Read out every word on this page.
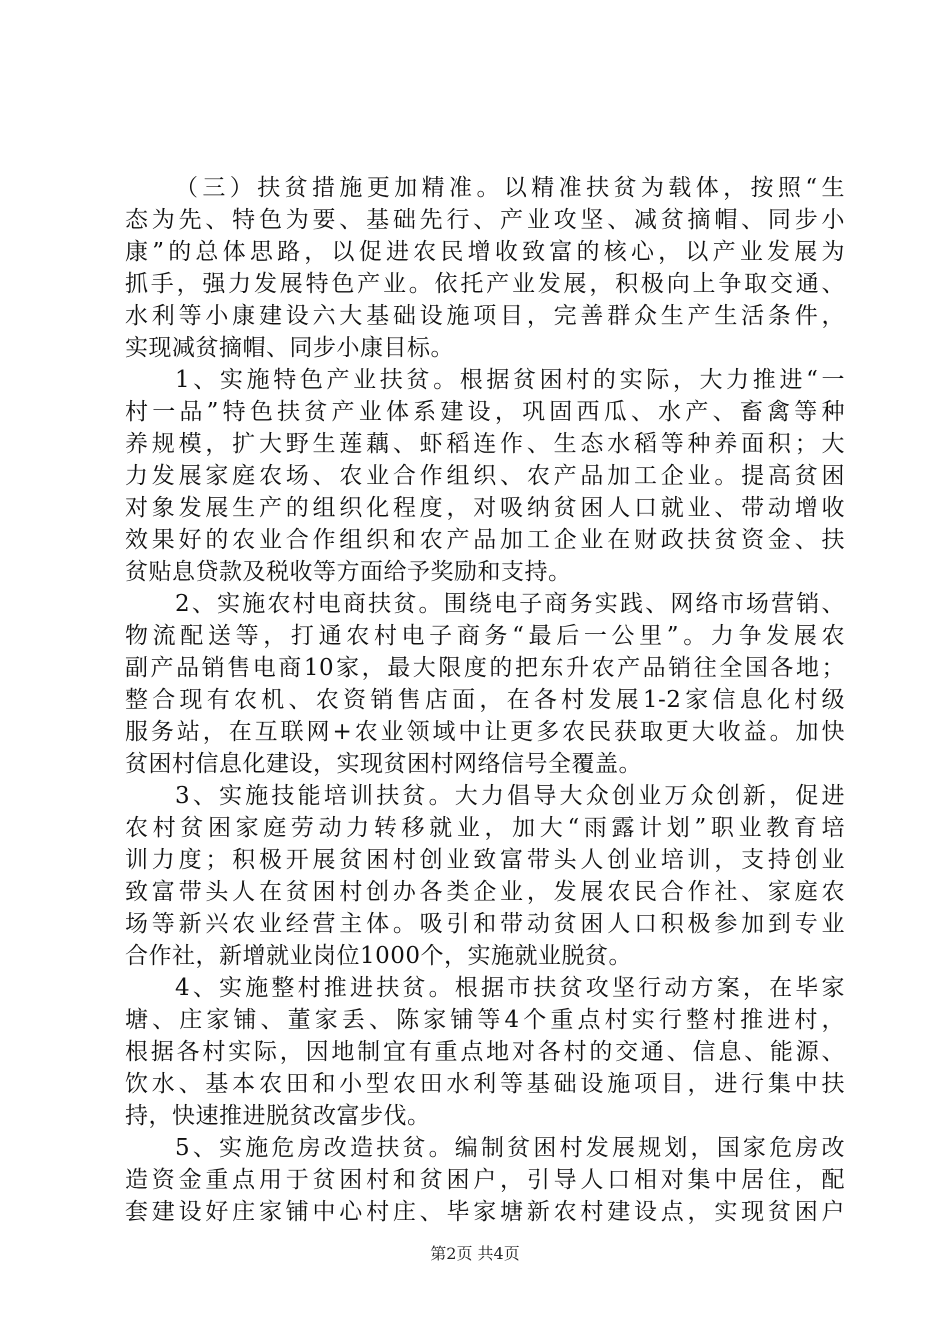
（三）扶贫措施更加精准。以精准扶贫为载体，按照“生
态为先、特色为要、基础先行、产业攻坚、减贫摘帽、同步小
康”的总体思路，以促进农民增收致富的核心，以产业发展为
抓手，强力发展特色产业。依托产业发展，积极向上争取交通、
水利等小康建设六大基础设施项目，完善群众生产生活条件，
实现减贫摘帽、同步小康目标。
1、实施特色产业扶贫。根据贫困村的实际，大力推进“一
村一品”特色扶贫产业体系建设，巩固西瓜、水产、畜禽等种
养规模，扩大野生莲藕、虾稻连作、生态水稻等种养面积；大
力发展家庭农场、农业合作组织、农产品加工企业。提高贫困
对象发展生产的组织化程度，对吸纳贫困人口就业、带动增收
效果好的农业合作组织和农产品加工企业在财政扶贫资金、扶
贫贴息贷款及税收等方面给予奖励和支持。
2、实施农村电商扶贫。围绕电子商务实践、网络市场营销、
物流配送等，打通农村电子商务“最后一公里”。力争发展农
副产品销售电商10家，最大限度的把东升农产品销往全国各地；
整合现有农机、农资销售店面，在各村发展1-2家信息化村级
服务站，在互联网+农业领域中让更多农民获取更大收益。加快
贫困村信息化建设，实现贫困村网络信号全覆盖。
3、实施技能培训扶贫。大力倡导大众创业万众创新，促进
农村贫困家庭劳动力转移就业，加大“雨露计划”职业教育培
训力度；积极开展贫困村创业致富带头人创业培训，支持创业
致富带头人在贫困村创办各类企业，发展农民合作社、家庭农
场等新兴农业经营主体。吸引和带动贫困人口积极参加到专业
合作社，新增就业岗位1000个，实施就业脱贫。
4、实施整村推进扶贫。根据市扶贫攻坚行动方案，在毕家
塘、庄家铺、董家丢、陈家铺等4个重点村实行整村推进村，
根据各村实际，因地制宜有重点地对各村的交通、信息、能源、
饮水、基本农田和小型农田水利等基础设施项目，进行集中扶
持，快速推进脱贫改富步伐。
5、实施危房改造扶贫。编制贫困村发展规划，国家危房改
造资金重点用于贫困村和贫困户，引导人口相对集中居住，配
套建设好庄家铺中心村庄、毕家塘新农村建设点，实现贫困户
第2页 共4页
